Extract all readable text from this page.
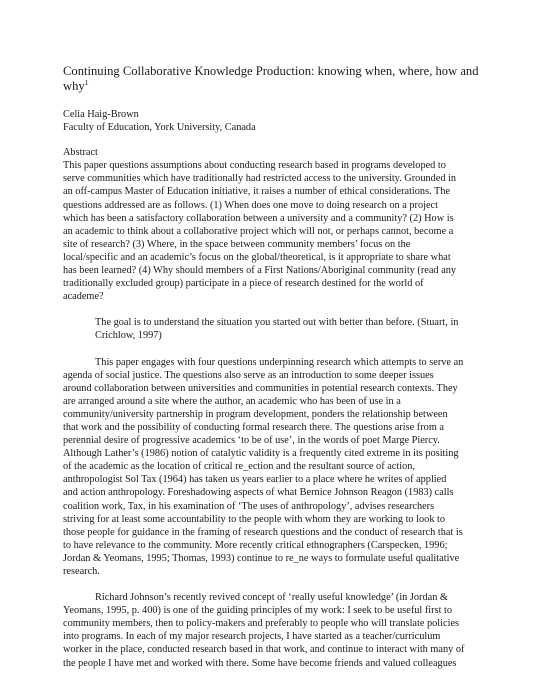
Continuing Collaborative Knowledge Production: knowing when, where, how and
why$^1$
Celia Haig-Brown
Faculty of Education, York University, Canada
Abstract

This paper questions assumptions about conducting research based in programs developed to
serve communities which have traditionally had restricted access to the university. Grounded in
an off-campus Master of Education initiative, it raises a number of ethical considerations. The
questions addressed are as follows. (1) When does one move to doing research on a project
which has been a satisfactory collaboration between a university and a community? (2) How is
an academic to think about a collaborative project which will not, or perhaps cannot, become a
site of research? (3) Where, in the space between community members’ focus on the
local/specific and an academic’s focus on the global/theoretical, is it appropriate to share what
has been learned? (4) Why should members of a First Nations/Aboriginal community (read any
traditionally excluded group) participate in a piece of research destined for the world of
academe?

The goal is to understand the situation you started out with better than before. (Stuart, in
Crichlow, 1997)

This paper engages with four questions underpinning research which attempts to serve an
agenda of social justice. The questions also serve as an introduction to some deeper issues
around collaboration between universities and communities in potential research contexts. They
are arranged around a site where the author, an academic who has been of use in a
community/university partnership in program development, ponders the relationship between
that work and the possibility of conducting formal research there. The questions arise from a
perennial desire of progressive academics ‘to be of use’, in the words of poet Marge Piercy.
Although Lather’s (1986) notion of catalytic validity is a frequently cited extreme in its positing
of the academic as the location of critical re_ection and the resultant source of action,
anthropologist Sol Tax (1964) has taken us years earlier to a place where he writes of applied
and action anthropology. Foreshadowing aspects of what Bernice Johnson Reagon (1983) calls
coalition work, Tax, in his examination of ‘The uses of anthropology’, advises researchers
striving for at least some accountability to the people with whom they are working to look to
those people for guidance in the framing of research questions and the conduct of research that is
to have relevance to the community. More recently critical ethnographers (Carspecken, 1996;
Jordan & Yeomans, 1995; Thomas, 1993) continue to re_ne ways to formulate useful qualitative
research.

Richard Johnson’s recently revived concept of ‘really useful knowledge’ (in Jordan &
Yeomans, 1995, p. 400) is one of the guiding principles of my work: I seek to be useful first to
community members, then to policy-makers and preferably to people who will translate policies
into programs. In each of my major research projects, I have started as a teacher/curriculum
worker in the place, conducted research based in that work, and continue to interact with many of
the people I have met and worked with there. Some have become friends and valued colleagues
